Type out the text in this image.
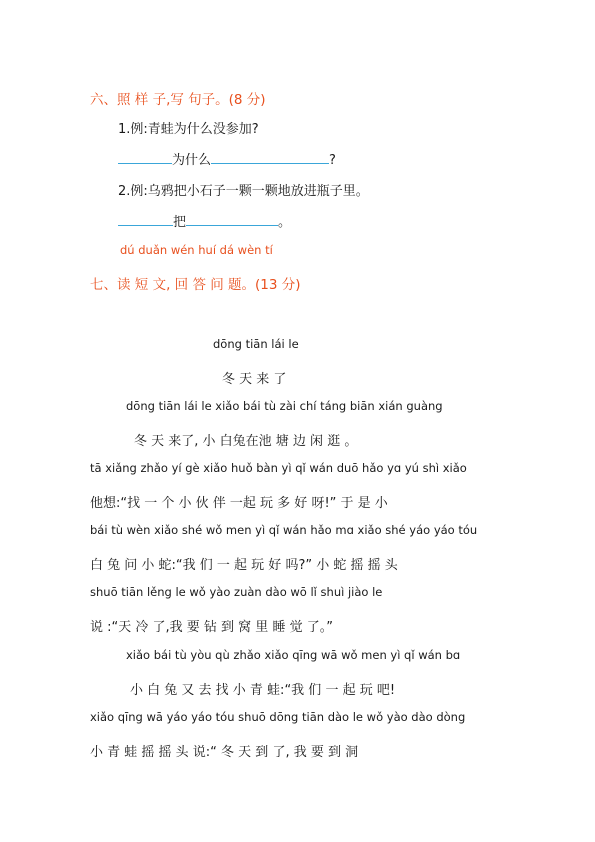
六、照 样 子,写 句子。(8 分)
1.例:青蛙为什么没参加?
为什么	?
2.例:乌鸦把小石子一颗一颗地放进瓶子里。
把	。
dú duǎn wén huí dá wèn tí
七、读 短 文, 回 答 问 题。(13 分)
dōng tiān lái le
冬 天 来 了
dōng tiān lái le xiǎo bái tù zài chí táng biān xián guàng
冬 天 来了, 小 白兔在池 塘 边 闲 逛 。
tā xiǎng zhǎo yí gè xiǎo huǒ bàn yì qǐ wán duō hǎo yɑ yú shì xiǎo
他想:“找 一 个 小 伙 伴 一起 玩 多 好 呀!” 于 是 小
bái tù wèn xiǎo shé wǒ men yì qǐ wán hǎo mɑ xiǎo shé yáo yáo tóu
白 兔 问 小 蛇:“我 们 一 起 玩 好 吗?” 小 蛇 摇 摇 头
shuō tiān lěng le wǒ yào zuàn dào wō lǐ shuì jiào le
说 :“天 冷 了,我 要 钻 到 窝 里 睡 觉 了。”
xiǎo bái tù yòu qù zhǎo xiǎo qīng wā wǒ men yì qǐ wán bɑ
小 白 兔 又 去 找 小 青 蛙:“我 们 一 起 玩 吧!
xiǎo qīng wā yáo yáo tóu shuō dōng tiān dào le wǒ yào dào dòng
小 青 蛙 摇 摇 头 说:“ 冬 天 到 了, 我 要 到 洞
